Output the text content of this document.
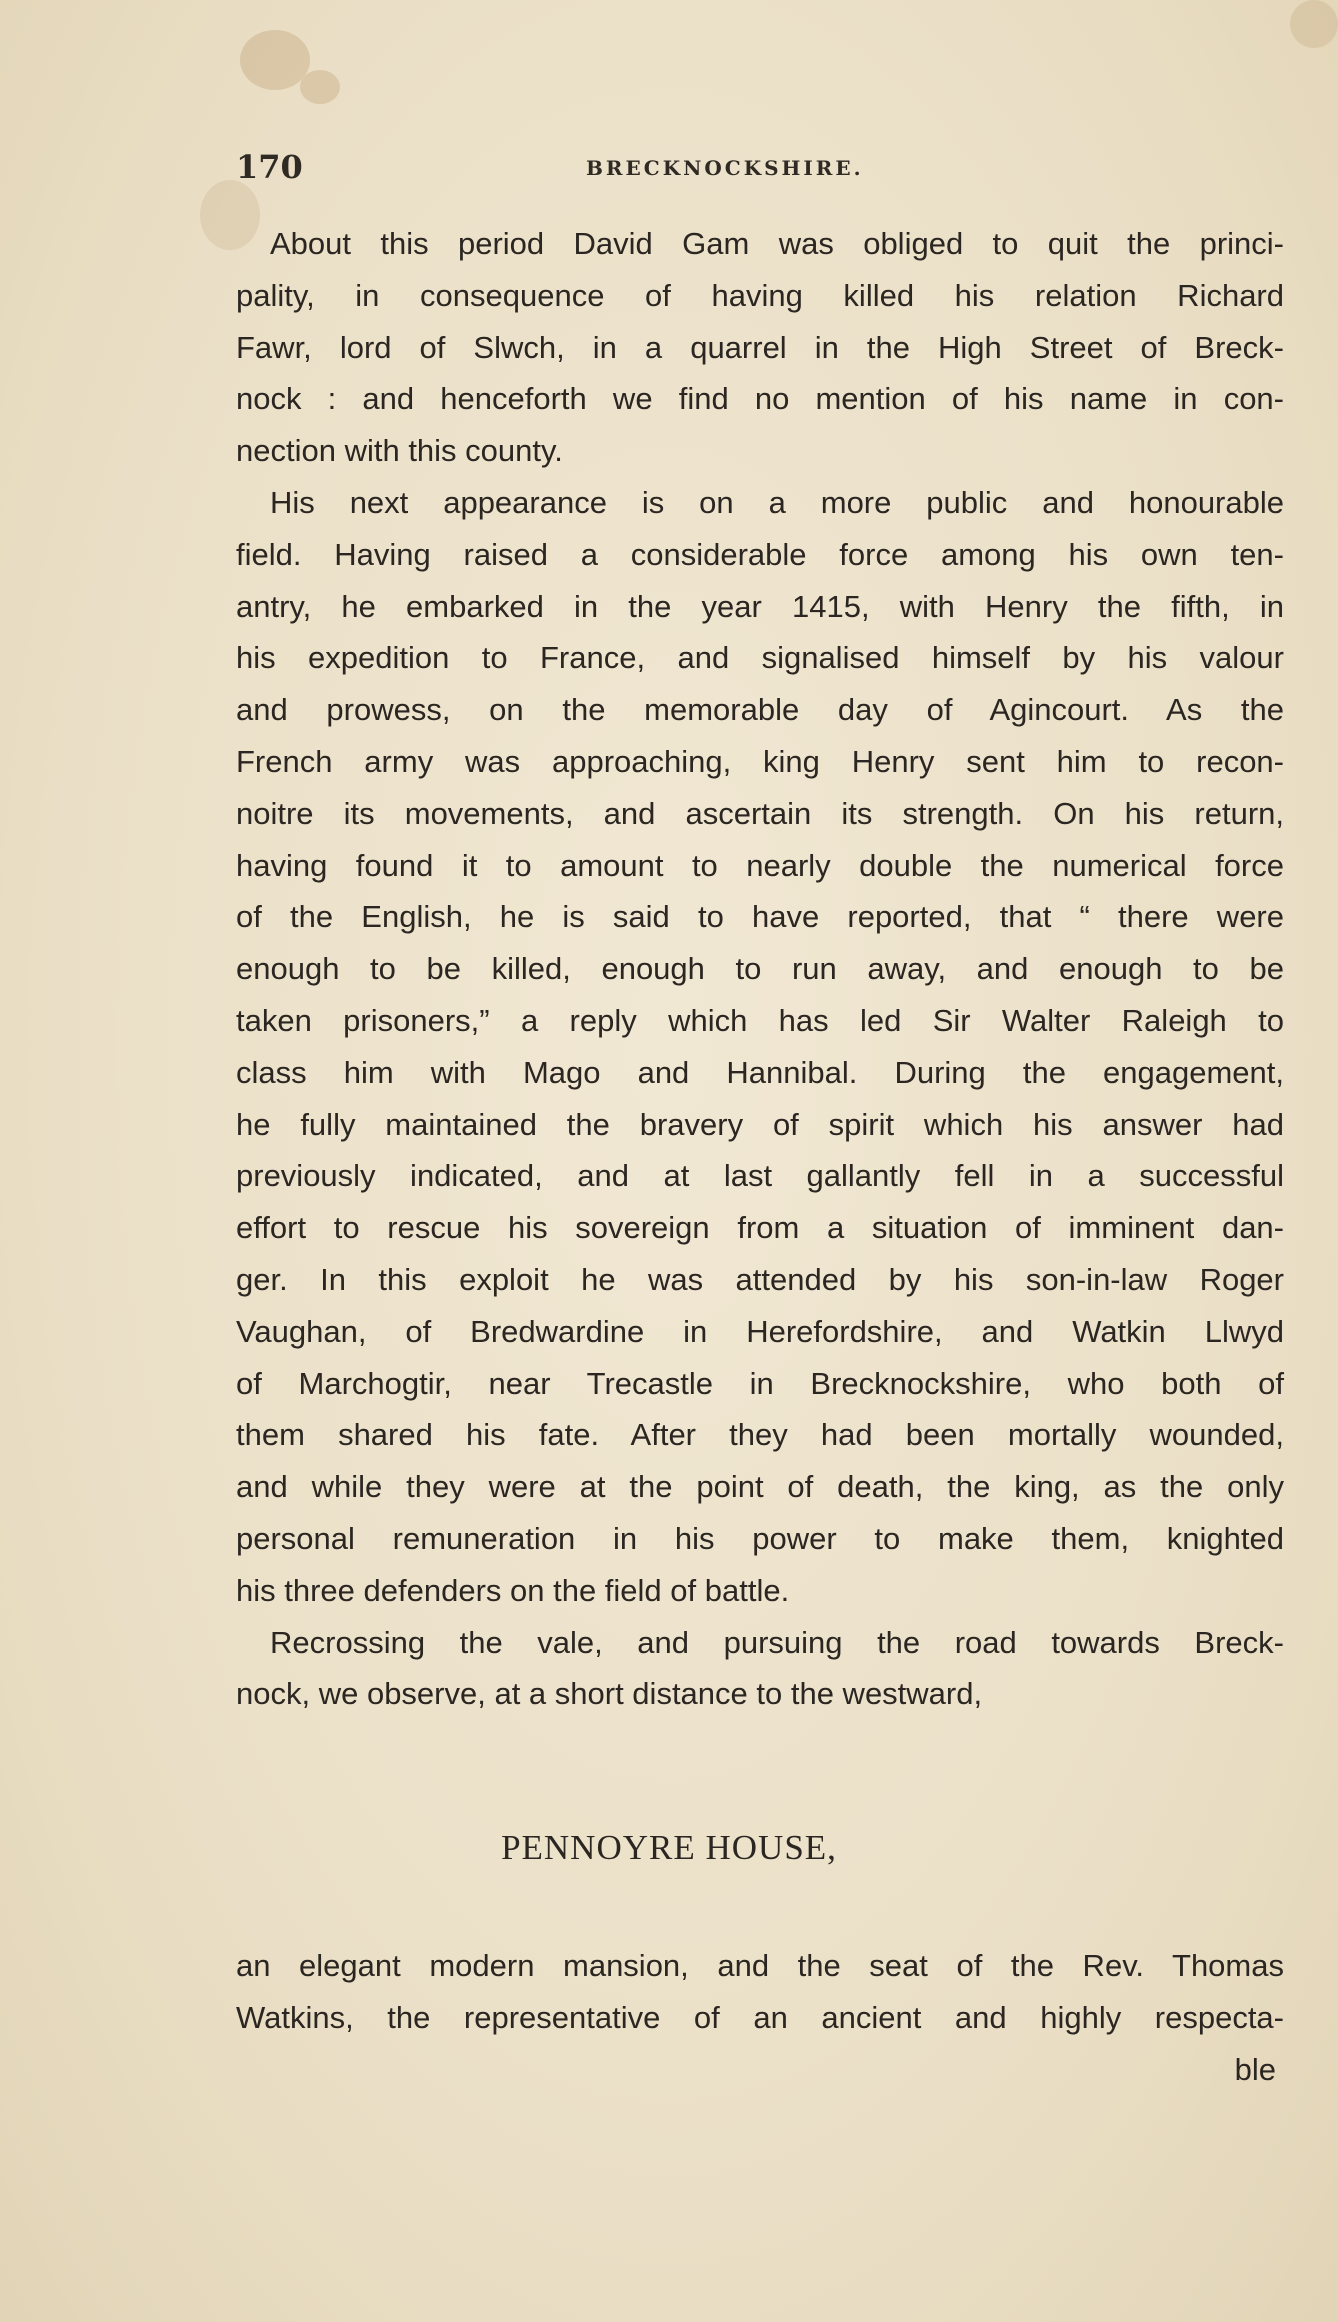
170	BRECKNOCKSHIRE.
About this period David Gam was obliged to quit the princi-
pality, in consequence of having killed his relation Richard
Fawr, lord of Slwch, in a quarrel in the High Street of Breck-
nock : and henceforth we find no mention of his name in con-
nection with this county.
His next appearance is on a more public and honourable
field. Having raised a considerable force among his own ten-
antry, he embarked in the year 1415, with Henry the fifth, in
his expedition to France, and signalised himself by his valour
and prowess, on the memorable day of Agincourt. As the
French army was approaching, king Henry sent him to recon-
noitre its movements, and ascertain its strength. On his return,
having found it to amount to nearly double the numerical force
of the English, he is said to have reported, that “ there were
enough to be killed, enough to run away, and enough to be
taken prisoners,” a reply which has led Sir Walter Raleigh to
class him with Mago and Hannibal. During the engagement,
he fully maintained the bravery of spirit which his answer had
previously indicated, and at last gallantly fell in a successful
effort to rescue his sovereign from a situation of imminent dan-
ger. In this exploit he was attended by his son-in-law Roger
Vaughan, of Bredwardine in Herefordshire, and Watkin Llwyd
of Marchogtir, near Trecastle in Brecknockshire, who both of
them shared his fate. After they had been mortally wounded,
and while they were at the point of death, the king, as the only
personal remuneration in his power to make them, knighted
his three defenders on the field of battle.
Recrossing the vale, and pursuing the road towards Breck-
nock, we observe, at a short distance to the westward,
PENNOYRE HOUSE,
an elegant modern mansion, and the seat of the Rev. Thomas
Watkins, the representative of an ancient and highly respecta-
ble
